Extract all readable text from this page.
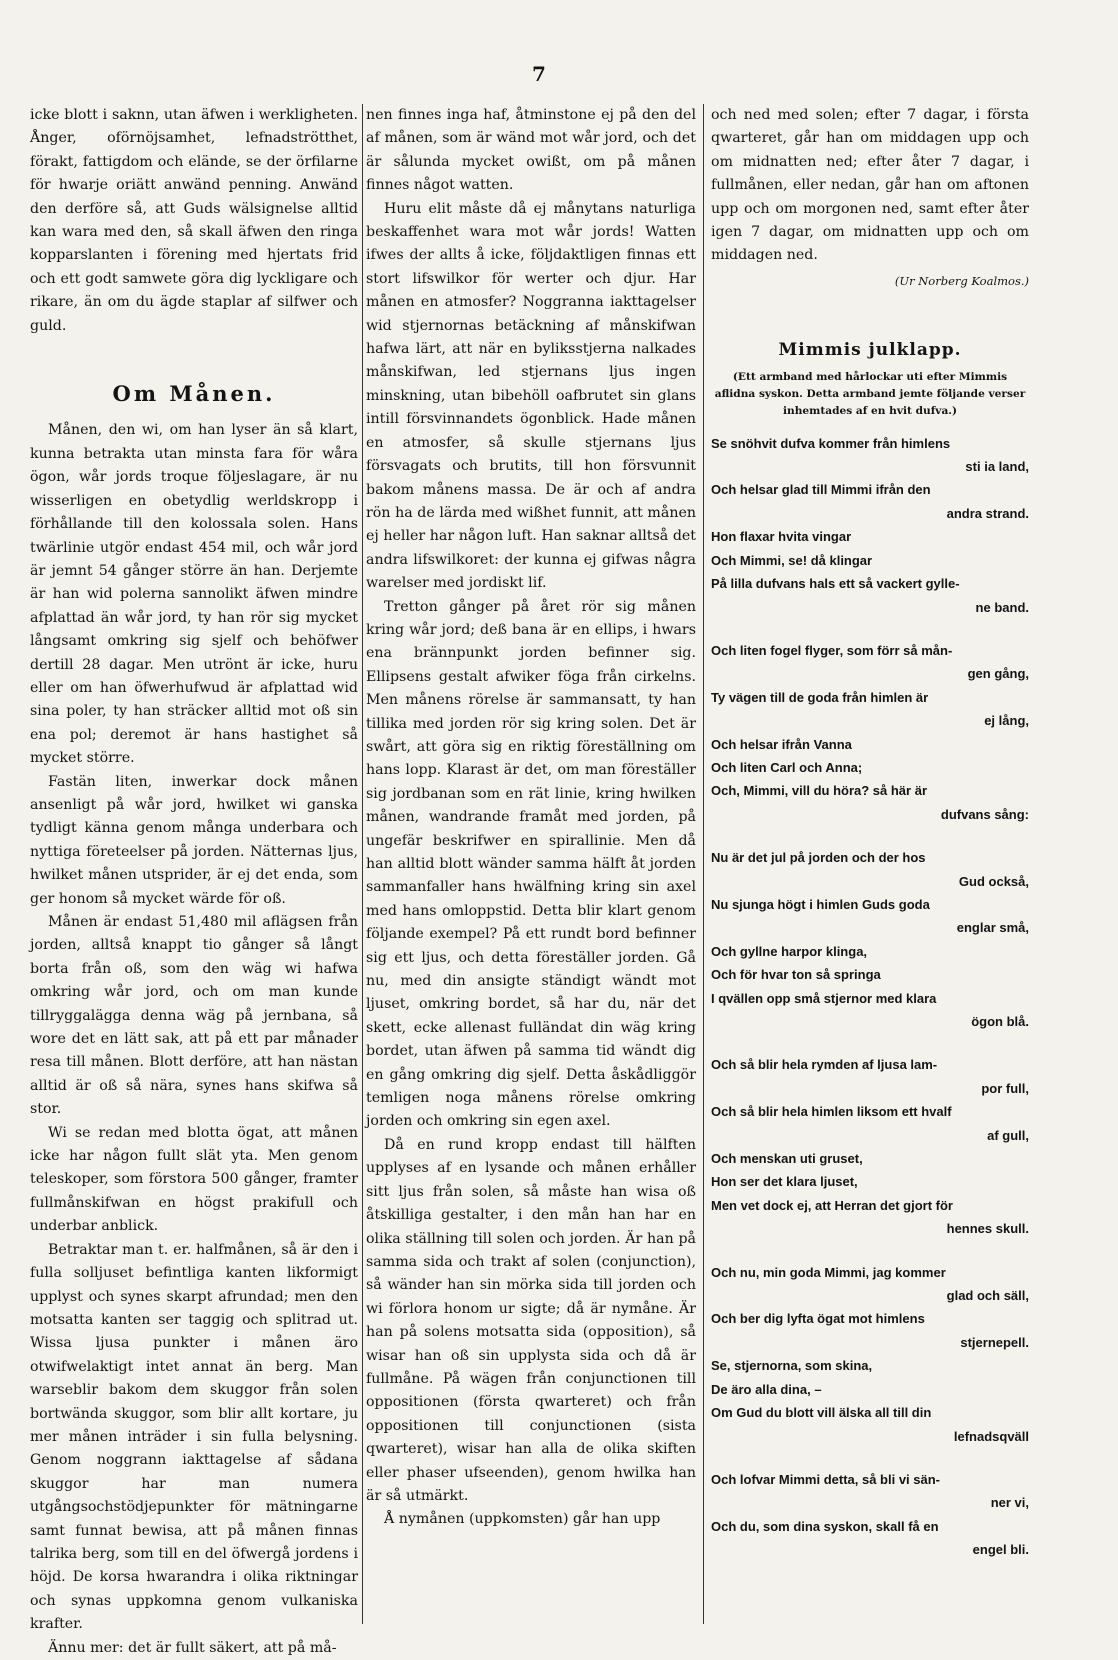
7

icke blott i saknn, utan äfwen i werkligheten. Ånger, oförnöjsamhet, lefnadströtthet, förakt, fattigdom och elände, se der örfilarne för hwarje oriätt anwänd penning. Anwänd den derföre så, att Guds wälsignelse alltid kan wara med den, så skall äfwen den ringa kopparslanten i förening med hjertats frid och ett godt samwete göra dig lyckligare och rikare, än om du ägde staplar af silfwer och guld.

Om Månen.

Månen, den wi, om han lyser än så klart, kunna betrakta utan minsta fara för wåra ögon, wår jords troque följeslagare, är nu wisserligen en obetydlig werldskropp i förhållande till den kolossala solen. Hans twärlinie utgör endast 454 mil, och wår jord är jemnt 54 gånger större än han. Derjemte är han wid polerna sannolikt äfwen mindre afplattad än wår jord, ty han rör sig mycket långsamt omkring sig sjelf och behöfwer dertill 28 dagar. Men utrönt är icke, huru eller om han öfwerhufwud är afplattad wid sina poler, ty han sträcker alltid mot oß sin ena pol; deremot är hans hastighet så mycket större.

Fastän liten, inwerkar dock månen ansenligt på wår jord, hwilket wi ganska tydligt känna genom många underbara och nyttiga företeelser på jorden. Nätternas ljus, hwilket månen utsprider, är ej det enda, som ger honom så mycket wärde för oß.

Månen är endast 51,480 mil aflägsen från jorden, alltså knappt tio gånger så långt borta från oß, som den wäg wi hafwa omkring wår jord, och om man kunde tillryggalägga denna wäg på jernbana, så wore det en lätt sak, att på ett par månader resa till månen. Blott derföre, att han nästan alltid är oß så nära, synes hans skifwa så stor.

Wi se redan med blotta ögat, att månen icke har någon fullt slät yta. Men genom teleskoper, som förstora 500 gånger, framter fullmånskifwan en högst prakifull och underbar anblick.

Betraktar man t. er. halfmånen, så är den i fulla solljuset befintliga kanten likformigt upplyst och synes skarpt afrundad; men den motsatta kanten ser taggig och splitrad ut. Wissa ljusa punkter i månen äro otwifwelaktigt intet annat än berg. Man warseblir bakom dem skuggor från solen bortwända skuggor, som blir allt kortare, ju mer månen inträder i sin fulla belysning. Genom noggrann iakttagelse af sådana skuggor har man numera utgångsochstödjepunkter för mätningarne samt funnat bewisa, att på månen finnas talrika berg, som till en del öfwergå jordens i höjd. De korsa hwarandra i olika riktningar och synas uppkomna genom vulkaniska krafter.

Ännu mer: det är fullt säkert, att på må-

nen finnes inga haf, åtminstone ej på den del af månen, som är wänd mot wår jord, och det är sålunda mycket owißt, om på månen finnes något watten.

Huru elit måste då ej månytans naturliga beskaffenhet wara mot wår jords! Watten ifwes der allts å icke, följdaktligen finnas ett stort lifswilkor för werter och djur. Har månen en atmosfer? Noggranna iakttagelser wid stjernornas betäckning af månskifwan hafwa lärt, att när en byliksstjerna nalkades månskifwan, led stjernans ljus ingen minskning, utan bibehöll oafbrutet sin glans intill försvinnandets ögonblick. Hade månen en atmosfer, så skulle stjernans ljus försvagats och brutits, till hon försvunnit bakom månens massa. De är och af andra rön ha de lärda med wißhet funnit, att månen ej heller har någon luft. Han saknar alltså det andra lifswilkoret: der kunna ej gifwas några warelser med jordiskt lif.

Tretton gånger på året rör sig månen kring wår jord; deß bana är en ellips, i hwars ena brännpunkt jorden befinner sig. Ellipsens gestalt afwiker föga från cirkelns. Men månens rörelse är sammansatt, ty han tillika med jorden rör sig kring solen. Det är swårt, att göra sig en riktig föreställning om hans lopp. Klarast är det, om man föreställer sig jordbanan som en rät linie, kring hwilken månen, wandrande framåt med jorden, på ungefär beskrifwer en spirallinie. Men då han alltid blott wänder samma hälft åt jorden sammanfaller hans hwälfning kring sin axel med hans omloppstid. Detta blir klart genom följande exempel? På ett rundt bord befinner sig ett ljus, och detta föreställer jorden. Gå nu, med din ansigte ständigt wändt mot ljuset, omkring bordet, så har du, när det skett, ecke allenast fulländat din wäg kring bordet, utan äfwen på samma tid wändt dig en gång omkring dig sjelf. Detta åskådliggör temligen noga månens rörelse omkring jorden och omkring sin egen axel.

Då en rund kropp endast till hälften upplyses af en lysande och månen erhåller sitt ljus från solen, så måste han wisa oß åtskilliga gestalter, i den mån han har en olika ställning till solen och jorden. Är han på samma sida och trakt af solen (conjunction), så wänder han sin mörka sida till jorden och wi förlora honom ur sigte; då är nymåne. Är han på solens motsatta sida (opposition), så wisar han oß sin upplysta sida och då är fullmåne. På wägen från conjunctionen till oppositionen (första qwarteret) och från oppositionen till conjunctionen (sista qwarteret), wisar han alla de olika skiften eller phaser ufseenden), genom hwilka han är så utmärkt.

Å nymånen (uppkomsten) går han upp

och ned med solen; efter 7 dagar, i första qwarteret, går han om middagen upp och om midnatten ned; efter åter 7 dagar, i fullmånen, eller nedan, går han om aftonen upp och om morgonen ned, samt efter åter igen 7 dagar, om midnatten upp och om middagen ned.

(Ur Norberg Koalmos.)
Mimmis julklapp.
(Ett armband med hårlockar uti efter Mimmis aflidna syskon. Detta armband jemte följande verser inhemtades af en hvit dufva.)
Se snöhvit dufva kommer från himlens
sti ia land,
Och helsar glad till Mimmi ifrån den
andra strand.
Hon flaxar hvita vingar
Och Mimmi, se! då klingar
På lilla dufvans hals ett så vackert gylle-
ne band.
Och liten fogel flyger, som förr så mån-
gen gång,
Ty vägen till de goda från himlen är
ej lång,
Och helsar ifrån Vanna
Och liten Carl och Anna;
Och, Mimmi, vill du höra? så här är
dufvans sång:
Nu är det jul på jorden och der hos
Gud också,
Nu sjunga högt i himlen Guds goda
englar små,
Och gyllne harpor klinga,
Och för hvar ton så springa
I qvällen opp små stjernor med klara
ögon blå.
Och så blir hela rymden af ljusa lam-
por full,
Och så blir hela himlen liksom ett hvalf
af gull,
Och menskan uti gruset,
Hon ser det klara ljuset,
Men vet dock ej, att Herran det gjort för
hennes skull.
Och nu, min goda Mimmi, jag kommer
glad och säll,
Och ber dig lyfta ögat mot himlens
stjernepell.
Se, stjernorna, som skina,
De äro alla dina, –
Om Gud du blott vill älska all till din
lefnadsqväll
Och lofvar Mimmi detta, så bli vi sän-
ner vi,
Och du, som dina syskon, skall få en
engel bli.
